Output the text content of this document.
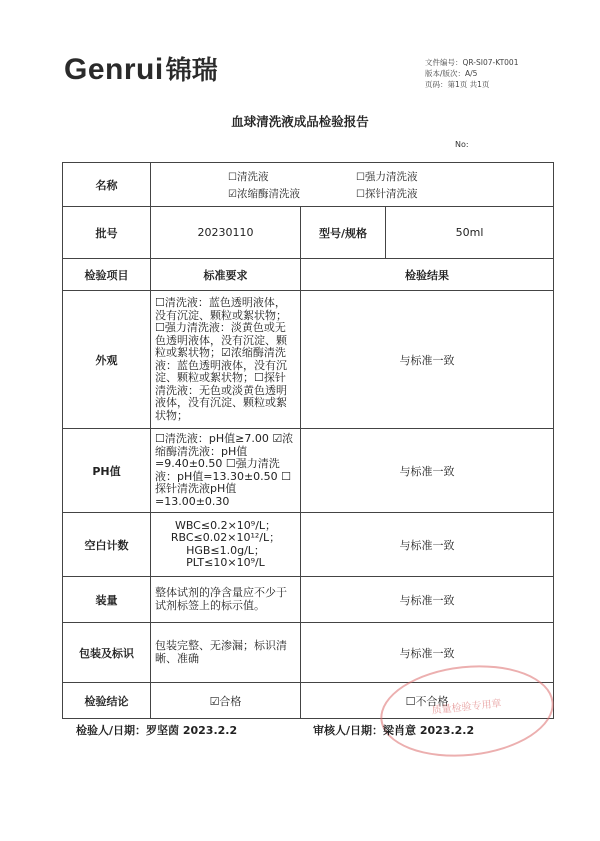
Genrui 锦瑞	文件编号：QR-SI07-KT001
版本/版次：A/5
页码：第1页 共1页
血球清洗液成品检验报告
No:
名称	☐清洗液 ☐强力清洗液
☑浓缩酶清洗液 ☐探针清洗液		

批号	20230110	型号/规格	50ml
检验项目	标准要求	检验结果	
外观	☐清洗液：蓝色透明液体，没有沉淀、颗粒或絮状物；☐强力清洗液：淡黄色或无色透明液体，没有沉淀、颗粒或絮状物；☑浓缩酶清洗液：蓝色透明液体，没有沉淀、颗粒或絮状物；☐探针清洗液：无色或淡黄色透明液体，没有沉淀、颗粒或絮状物；	与标准一致	
PH值	☐清洗液：pH值≥7.00 ☑浓缩酶清洗液：pH值=9.40±0.50 ☐强力清洗液：pH值=13.30±0.50 ☐探针清洗液pH值=13.00±0.30	与标准一致	
空白计数	WBC≤0.2×10⁹/L；RBC≤0.02×10¹²/L；HGB≤1.0g/L；PLT≤10×10⁹/L	与标准一致	
装量	整体试剂的净含量应不少于试剂标签上的标示值。	与标准一致	
包装及标识	包装完整、无渗漏；标识清晰、准确	与标准一致	
检验结论	☑合格	☐不合格	
质量检验专用章
检验人/日期：罗坚茵 2023.2.2	审核人/日期：梁肖意 2023.2.2
